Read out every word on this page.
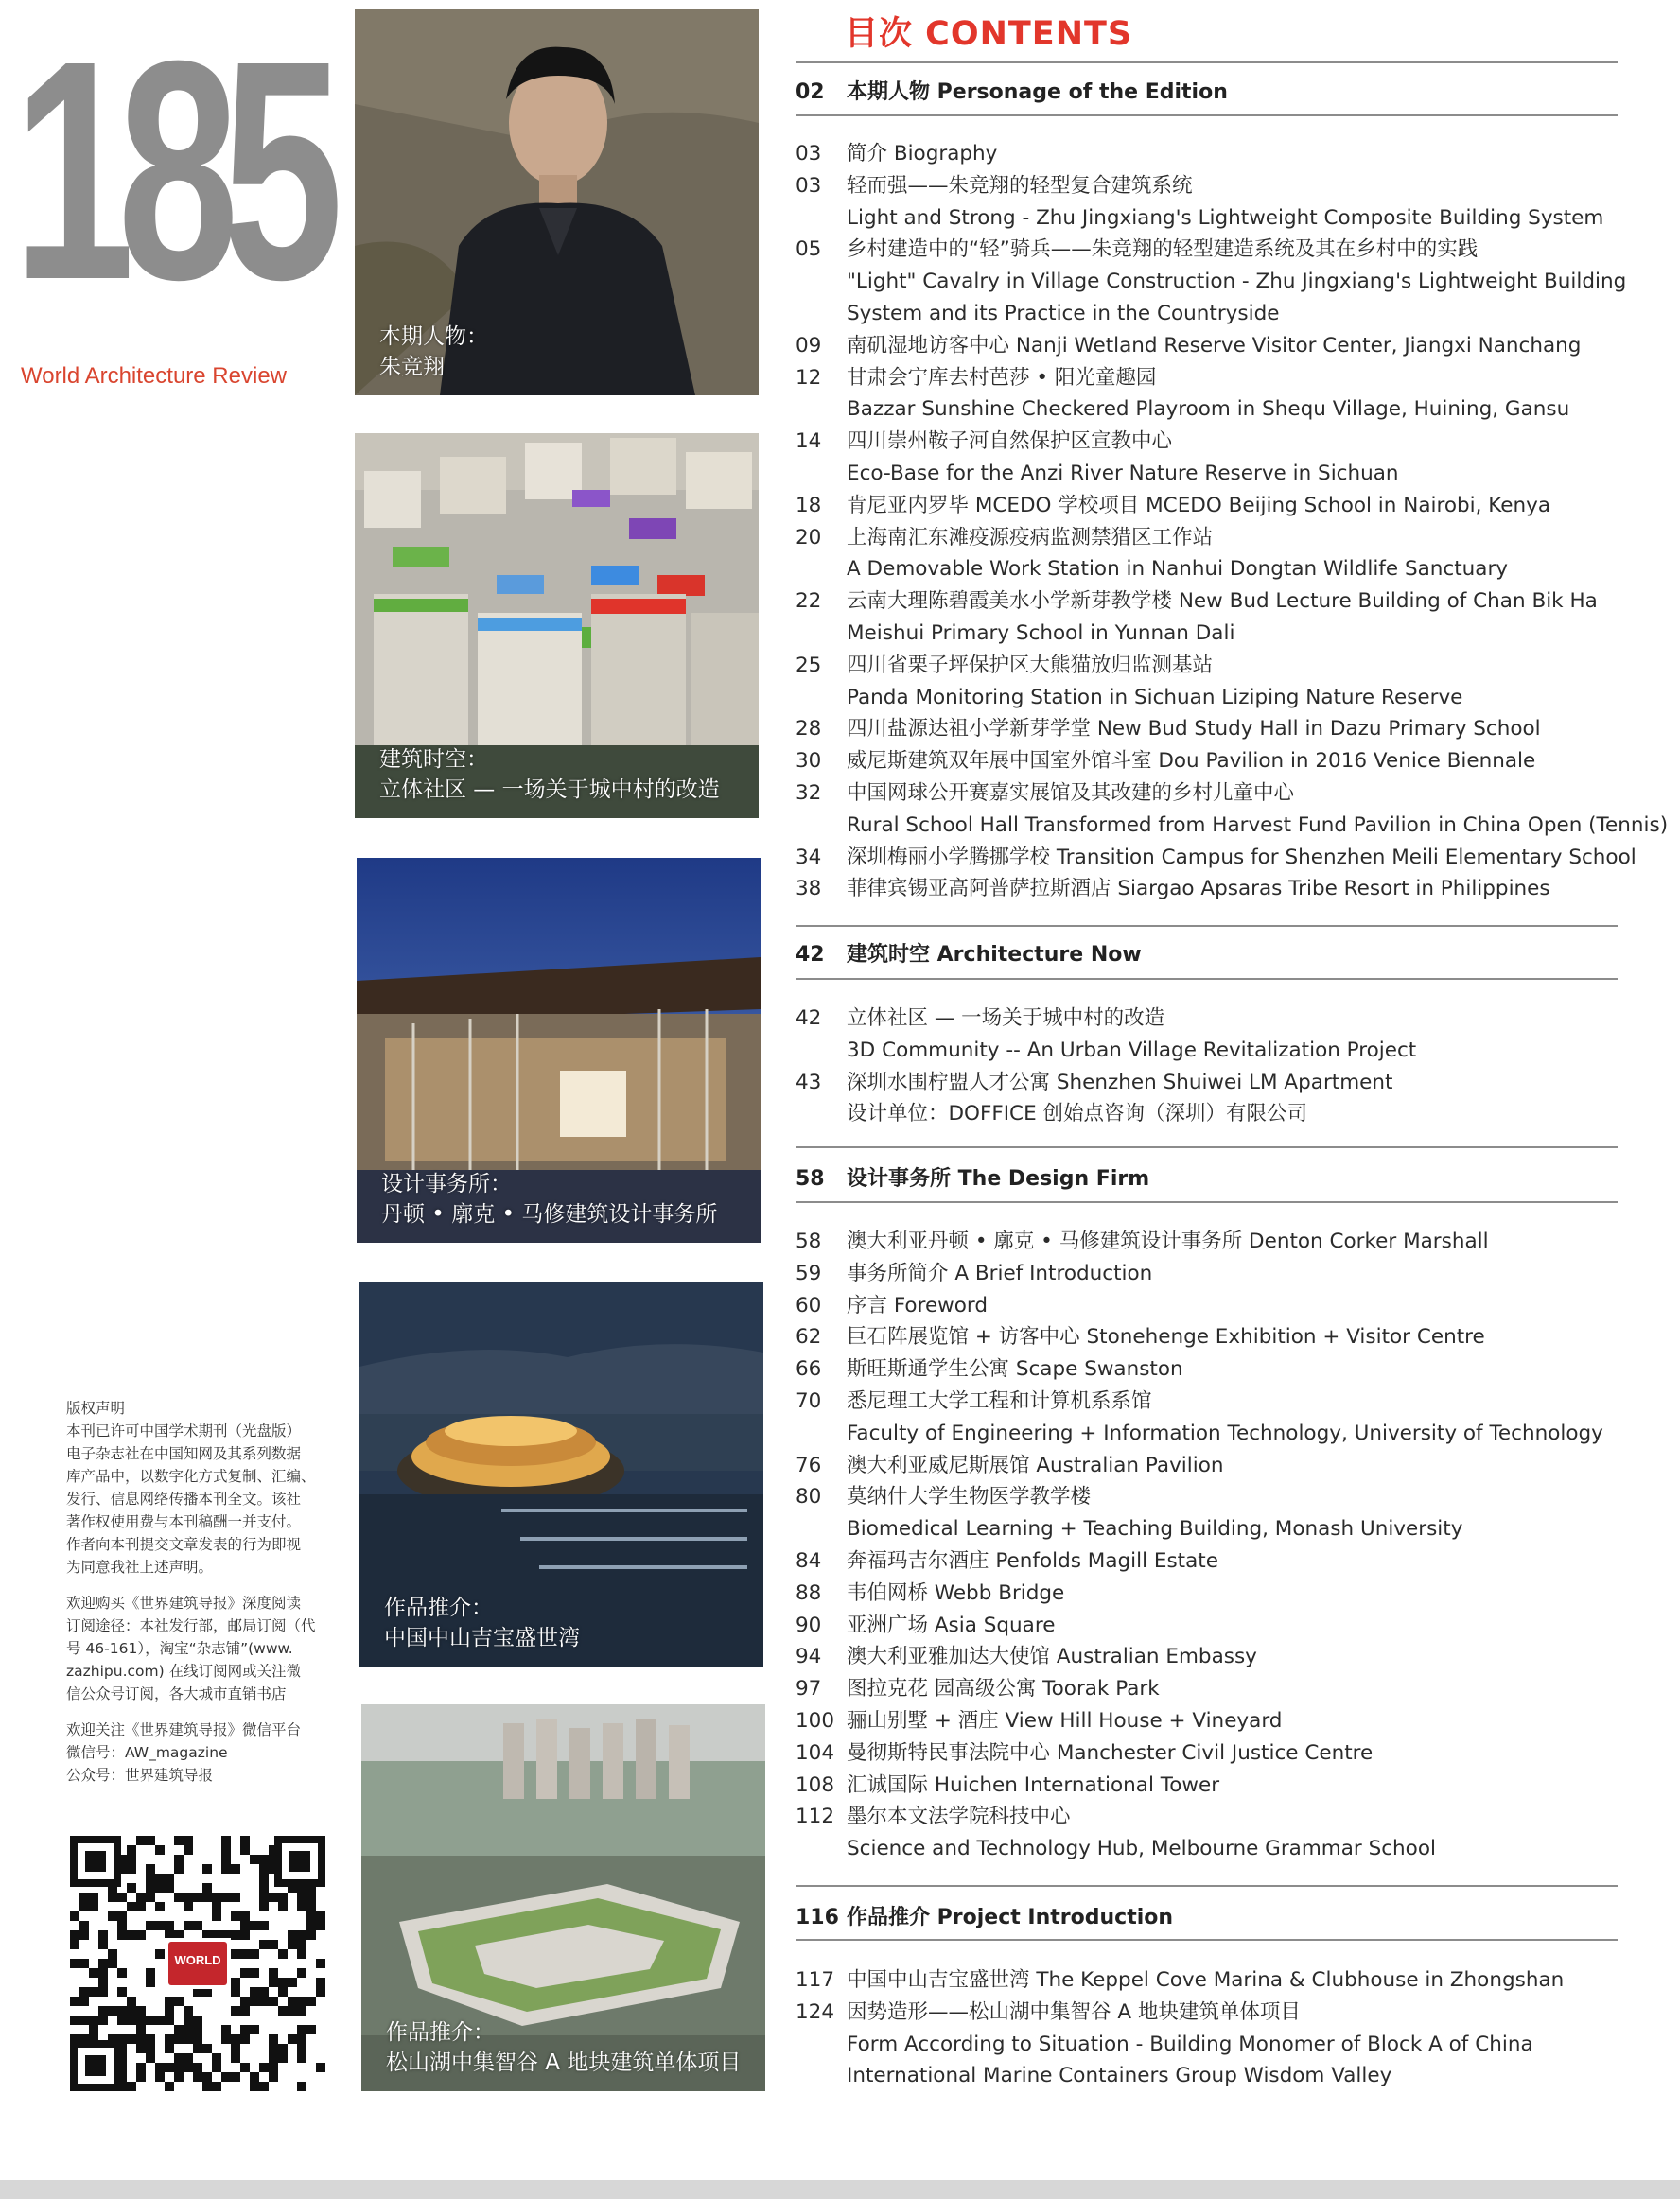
185
World Architecture Review
本期人物：
朱竞翔
建筑时空：
立体社区 — 一场关于城中村的改造
设计事务所：
丹顿 • 廓克 • 马修建筑设计事务所
作品推介：
中国中山吉宝盛世湾
作品推介：
松山湖中集智谷 A 地块建筑单体项目

版权声明
本刊已许可中国学术期刊（光盘版）
电子杂志社在中国知网及其系列数据
库产品中，以数字化方式复制、汇编、
发行、信息网络传播本刊全文。该社
著作权使用费与本刊稿酬一并支付。
作者向本刊提交文章发表的行为即视
为同意我社上述声明。

欢迎购买《世界建筑导报》深度阅读
订阅途径：本社发行部，邮局订阅（代
号 46-161），淘宝“杂志铺”(www.
zazhipu.com) 在线订阅网或关注微
信公众号订阅，各大城市直销书店

欢迎关注《世界建筑导报》微信平台
微信号：AW_magazine
公众号：世界建筑导报

WORLD
目次 CONTENTS
02 本期人物 Personage of the Edition
42 建筑时空 Architecture Now
58 设计事务所 The Design Firm
116 作品推介 Project Introduction
03 简介 Biography
03 轻而强——朱竞翔的轻型复合建筑系统
Light and Strong - Zhu Jingxiang's Lightweight Composite Building System
05 乡村建造中的“轻”骑兵——朱竞翔的轻型建造系统及其在乡村中的实践
"Light" Cavalry in Village Construction - Zhu Jingxiang's Lightweight Building
System and its Practice in the Countryside
09 南矶湿地访客中心 Nanji Wetland Reserve Visitor Center, Jiangxi Nanchang
12 甘肃会宁库去村芭莎 • 阳光童趣园
Bazzar Sunshine Checkered Playroom in Shequ Village, Huining, Gansu
14 四川崇州鞍子河自然保护区宣教中心
Eco-Base for the Anzi River Nature Reserve in Sichuan
18 肯尼亚内罗毕 MCEDO 学校项目 MCEDO Beijing School in Nairobi, Kenya
20 上海南汇东滩疫源疫病监测禁猎区工作站
A Demovable Work Station in Nanhui Dongtan Wildlife Sanctuary
22 云南大理陈碧霞美水小学新芽教学楼 New Bud Lecture Building of Chan Bik Ha
Meishui Primary School in Yunnan Dali
25 四川省栗子坪保护区大熊猫放归监测基站
Panda Monitoring Station in Sichuan Liziping Nature Reserve
28 四川盐源达祖小学新芽学堂 New Bud Study Hall in Dazu Primary School
30 威尼斯建筑双年展中国室外馆斗室 Dou Pavilion in 2016 Venice Biennale
32 中国网球公开赛嘉实展馆及其改建的乡村儿童中心
Rural School Hall Transformed from Harvest Fund Pavilion in China Open (Tennis)
34 深圳梅丽小学腾挪学校 Transition Campus for Shenzhen Meili Elementary School
38 菲律宾锡亚高阿普萨拉斯酒店 Siargao Apsaras Tribe Resort in Philippines
42 立体社区 — 一场关于城中村的改造
3D Community -- An Urban Village Revitalization Project
43 深圳水围柠盟人才公寓 Shenzhen Shuiwei LM Apartment
设计单位：DOFFICE 创始点咨询（深圳）有限公司
58 澳大利亚丹顿 • 廓克 • 马修建筑设计事务所 Denton Corker Marshall
59 事务所简介 A Brief Introduction
60 序言 Foreword
62 巨石阵展览馆 + 访客中心 Stonehenge Exhibition + Visitor Centre
66 斯旺斯通学生公寓 Scape Swanston
70 悉尼理工大学工程和计算机系系馆
Faculty of Engineering + Information Technology, University of Technology
76 澳大利亚威尼斯展馆 Australian Pavilion
80 莫纳什大学生物医学教学楼
Biomedical Learning + Teaching Building, Monash University
84 奔福玛吉尔酒庄 Penfolds Magill Estate
88 韦伯网桥 Webb Bridge
90 亚洲广场 Asia Square
94 澳大利亚雅加达大使馆 Australian Embassy
97 图拉克花 园高级公寓 Toorak Park
100 骊山别墅 + 酒庄 View Hill House + Vineyard
104 曼彻斯特民事法院中心 Manchester Civil Justice Centre
108 汇诚国际 Huichen International Tower
112 墨尔本文法学院科技中心
Science and Technology Hub, Melbourne Grammar School
117 中国中山吉宝盛世湾 The Keppel Cove Marina & Clubhouse in Zhongshan
124 因势造形——松山湖中集智谷 A 地块建筑单体项目
Form According to Situation - Building Monomer of Block A of China
International Marine Containers Group Wisdom Valley
